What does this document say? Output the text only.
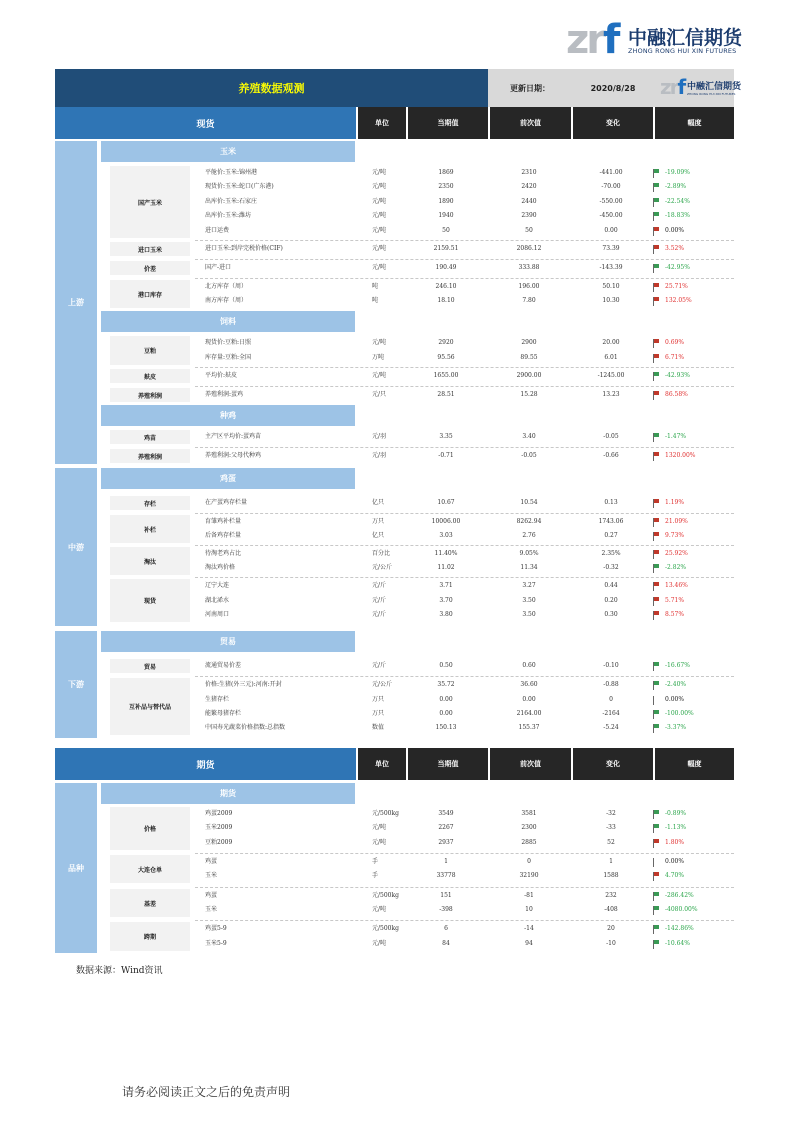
zrf 中融汇信期货
ZHONG RONG HUI XIN FUTURES
养殖数据观测	更新日期：	2020/8/28	zrf 中融汇信期货
ZHONG RONG HUI XIN FUTURES
现货	单位	当期值	前次值	变化	幅度
期货	单位	当期值	前次值	变化	幅度
上游
中游
下游
品种
玉米
饲料
种鸡
鸡蛋
贸易
期货
国产玉米
进口玉米
价差
港口库存
豆粕
麸皮
养殖利润
鸡苗
养殖利润
存栏
补栏
淘汰
现货
贸易
互补品与替代品
价格
大连仓单
基差
跨期
平舱价:玉米:锦州港	元/吨	1869	2310	-441.00	-19.09%
现货价:玉米:蛇口(广东港)	元/吨	2350	2420	-70.00	-2.89%
出库价:玉米:石家庄	元/吨	1890	2440	-550.00	-22.54%
出库价:玉米:潍坊	元/吨	1940	2390	-450.00	-18.83%
进口运费	元/吨	50	50	0.00	0.00%
进口玉米:到岸完税价格(CIF)	元/吨	2159.51	2086.12	73.39	3.52%
国产-进口	元/吨	190.49	333.88	-143.39	-42.95%
北方库存（周）	吨	246.10	196.00	50.10	25.71%
南方库存（周）	吨	18.10	7.80	10.30	132.05%
现货价:豆粕:日照	元/吨	2920	2900	20.00	0.69%
库存量:豆粕:全国	万吨	95.56	89.55	6.01	6.71%
平均价:麸皮	元/吨	1655.00	2900.00	-1245.00	-42.93%
养殖利润:蛋鸡	元/只	28.51	15.28	13.23	86.58%
主产区平均价:蛋鸡苗	元/羽	3.35	3.40	-0.05	-1.47%
养殖利润:父母代种鸡	元/羽	-0.71	-0.05	-0.66	1320.00%
在产蛋鸡存栏量	亿只	10.67	10.54	0.13	1.19%
育雏鸡补栏量	万只	10006.00	8262.94	1743.06	21.09%
后备鸡存栏量	亿只	3.03	2.76	0.27	9.73%
待淘老鸡占比	百分比	11.40%	9.05%	2.35%	25.92%
淘汰鸡价格	元/公斤	11.02	11.34	-0.32	-2.82%
辽宁大连	元/斤	3.71	3.27	0.44	13.46%
湖北浠水	元/斤	3.70	3.50	0.20	5.71%
河南周口	元/斤	3.80	3.50	0.30	8.57%
流通贸易价差	元/斤	0.50	0.60	-0.10	-16.67%
价格:生猪(外三元):河南:开封	元/公斤	35.72	36.60	-0.88	-2.40%
生猪存栏	万只	0.00	0.00	0	0.00%
能繁母猪存栏	万只	0.00	2164.00	-2164	-100.00%
中国寿光蔬菜价格指数:总指数	数值	150.13	155.37	-5.24	-3.37%
鸡蛋2009	元/500kg	3549	3581	-32	-0.89%
玉米2009	元/吨	2267	2300	-33	-1.13%
豆粕2009	元/吨	2937	2885	52	1.80%
鸡蛋	手	1	0	1	0.00%
玉米	手	33778	32190	1588	4.70%
鸡蛋	元/500kg	151	-81	232	-286.42%
玉米	元/吨	-398	10	-408	-4080.00%
鸡蛋5-9	元/500kg	6	-14	20	-142.86%
玉米5-9	元/吨	84	94	-10	-10.64%
数据来源：Wind资讯
请务必阅读正文之后的免责声明
